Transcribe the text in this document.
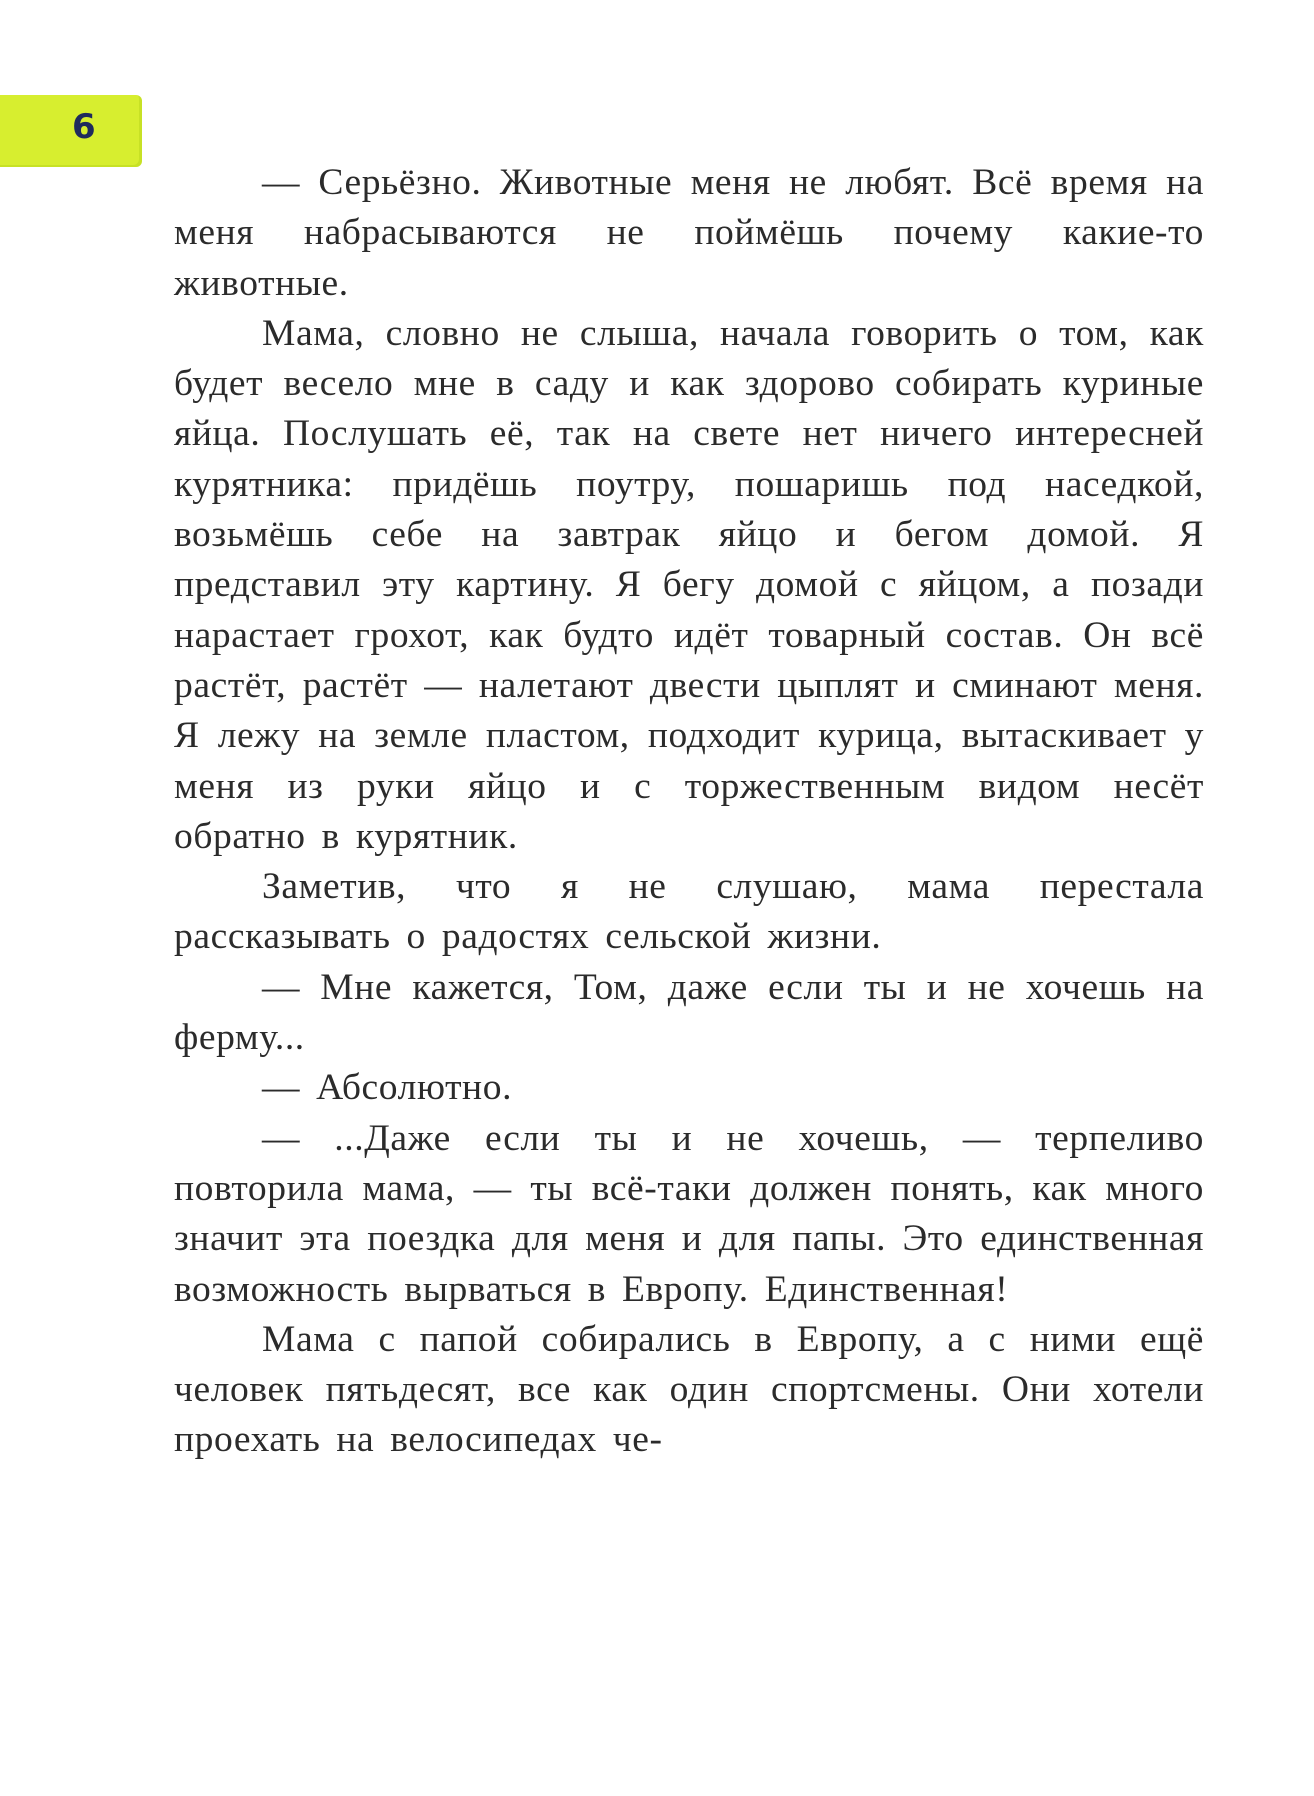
6

— Серьёзно. Животные меня не любят. Всё время на меня набрасываются не поймёшь почему какие-то животные.

Мама, словно не слыша, начала говорить о том, как будет весело мне в саду и как здорово собирать куриные яйца. Послушать её, так на свете нет ничего интересней курятника: придёшь поутру, пошаришь под наседкой, возьмёшь себе на завтрак яйцо и бегом домой. Я представил эту картину. Я бегу домой с яйцом, а позади нарастает грохот, как будто идёт товарный состав. Он всё растёт, растёт — налетают двести цыплят и сминают меня. Я лежу на земле пластом, подходит курица, вытаскивает у меня из руки яйцо и с торжественным видом несёт обратно в курятник.

Заметив, что я не слушаю, мама перестала рассказывать о радостях сельской жизни.

— Мне кажется, Том, даже если ты и не хочешь на ферму...

— Абсолютно.

— ...Даже если ты и не хочешь, — терпеливо повторила мама, — ты всё-таки должен понять, как много значит эта поездка для меня и для папы. Это единственная возможность вырваться в Европу. Единственная!

Мама с папой собирались в Европу, а с ними ещё человек пятьдесят, все как один спортсмены. Они хотели проехать на велосипедах че-
